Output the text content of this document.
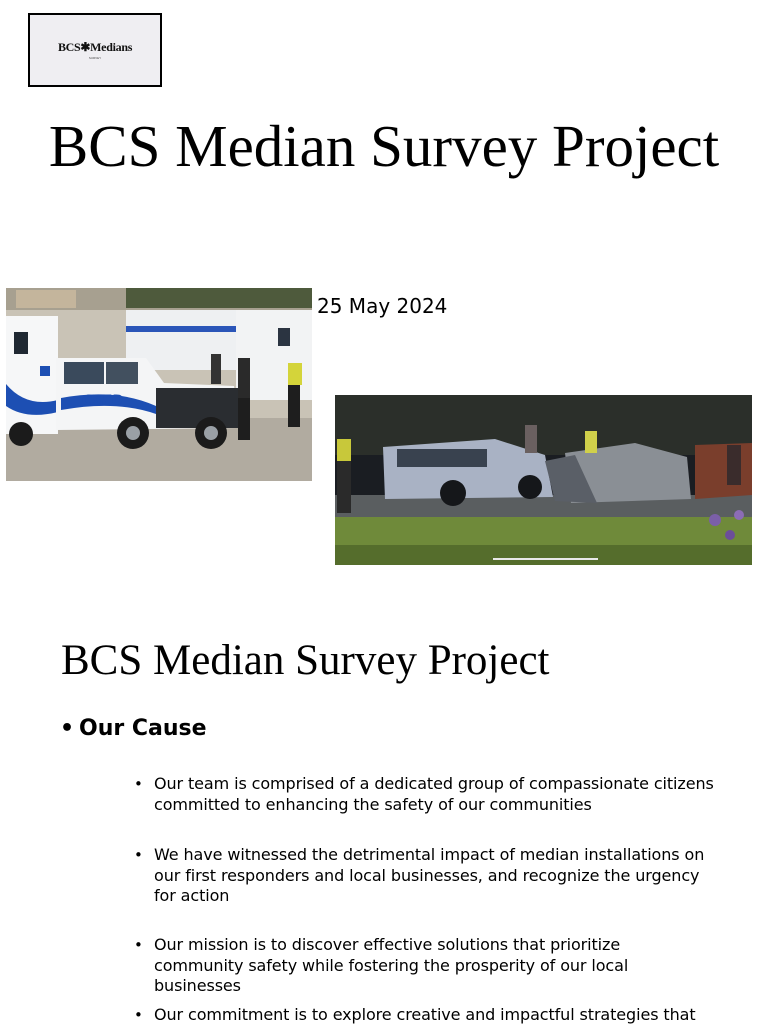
BCS✱Medians
SURVEY
BCS Median Survey Project
CSFD
25 May 2024
BCS Median Survey Project
• Our Cause
• Our team is comprised of a dedicated group of compassionate citizens committed to enhancing the safety of our communities
• We have witnessed the detrimental impact of median installations on our first responders and local businesses, and recognize the urgency for action
• Our mission is to discover effective solutions that prioritize community safety while fostering the prosperity of our local businesses
• Our commitment is to explore creative and impactful strategies that
